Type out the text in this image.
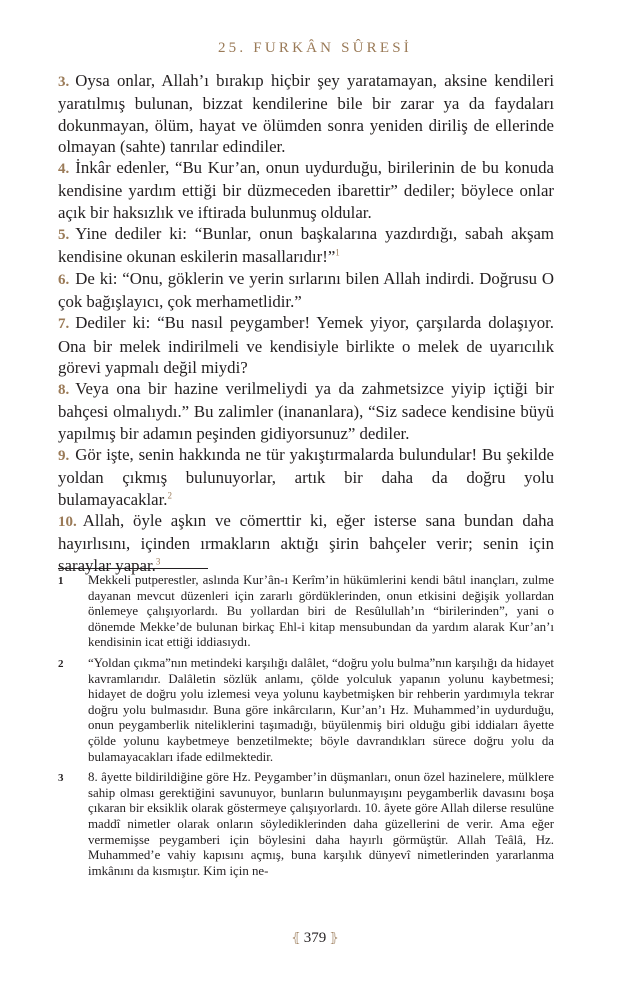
25. FURKÂN SÛRESİ

3. Oysa onlar, Allah’ı bırakıp hiçbir şey yaratamayan, aksine kendileri yaratılmış bulunan, bizzat kendilerine bile bir zarar ya da faydaları dokunmayan, ölüm, hayat ve ölümden sonra yeniden diriliş de ellerinde olmayan (sahte) tanrılar edindiler.

4. İnkâr edenler, “Bu Kur’an, onun uydurduğu, birilerinin de bu konuda kendisine yardım ettiği bir düzmeceden ibarettir” dediler; böylece onlar açık bir haksızlık ve iftirada bulunmuş oldular.

5. Yine dediler ki: “Bunlar, onun başkalarına yazdırdığı, sabah akşam kendisine okunan eskilerin masallarıdır!”$^1$

6. De ki: “Onu, göklerin ve yerin sırlarını bilen Allah indirdi. Doğrusu O çok bağışlayıcı, çok merhametlidir.”

7. Dediler ki: “Bu nasıl peygamber! Yemek yiyor, çarşılarda dolaşıyor. Ona bir melek indirilmeli ve kendisiyle birlikte o melek de uyarıcılık görevi yapmalı değil miydi?

8. Veya ona bir hazine verilmeliydi ya da zahmetsizce yiyip içtiği bir bahçesi olmalıydı.” Bu zalimler (inananlara), “Siz sadece kendisine büyü yapılmış bir adamın peşinden gidiyorsunuz” dediler.

9. Gör işte, senin hakkında ne tür yakıştırmalarda bulundular! Bu şekilde yoldan çıkmış bulunuyorlar, artık bir daha da doğru yolu bulamayacaklar.$^2$

10. Allah, öyle aşkın ve cömerttir ki, eğer isterse sana bundan daha hayırlısını, içinden ırmakların aktığı şirin bahçeler verir; senin için saraylar yapar.$^3$

1	Mekkeli putperestler, aslında Kur’ân-ı Kerîm’in hükümlerini kendi bâtıl inançları, zulme dayanan mevcut düzenleri için zararlı gördüklerinden, onun etkisini değişik yollardan önlemeye çalışıyorlardı. Bu yollardan biri de Resûlullah’ın “birilerinden”, yani o dönemde Mekke’de bulunan birkaç Ehl-i kitap mensubundan da yardım alarak Kur’an’ı kendisinin icat ettiği iddiasıydı.
2	“Yoldan çıkma”nın metindeki karşılığı dalâlet, “doğru yolu bulma”nın karşılığı da hidayet kavramlarıdır. Dalâletin sözlük anlamı, çölde yolculuk yapanın yolunu kaybetmesi; hidayet de doğru yolu izlemesi veya yolunu kaybetmişken bir rehberin yardımıyla tekrar doğru yolu bulmasıdır. Buna göre inkârcıların, Kur’an’ı Hz. Muhammed’in uydurduğu, onun peygamberlik niteliklerini taşımadığı, büyülenmiş biri olduğu gibi iddiaları âyette çölde yolunu kaybetmeye benzetilmekte; böyle davrandıkları sürece doğru yolu da bulamayacakları ifade edilmektedir.
3	8. âyette bildirildiğine göre Hz. Peygamber’in düşmanları, onun özel hazinelere, mülklere sahip olması gerektiğini savunuyor, bunların bulunmayışını peygamberlik davasını boşa çıkaran bir eksiklik olarak göstermeye çalışıyorlardı. 10. âyete göre Allah dilerse resulüne maddî nimetler olarak onların söylediklerinden daha güzellerini de verir. Ama eğer vermemişse peygamberi için böylesini daha hayırlı görmüştür. Allah Teâlâ, Hz. Muhammed’e vahiy kapısını açmış, buna karşılık dünyevî nimetlerinden yararlanma imkânını da kısmıştır. Kim için ne-
⦃ 379 ⦄
